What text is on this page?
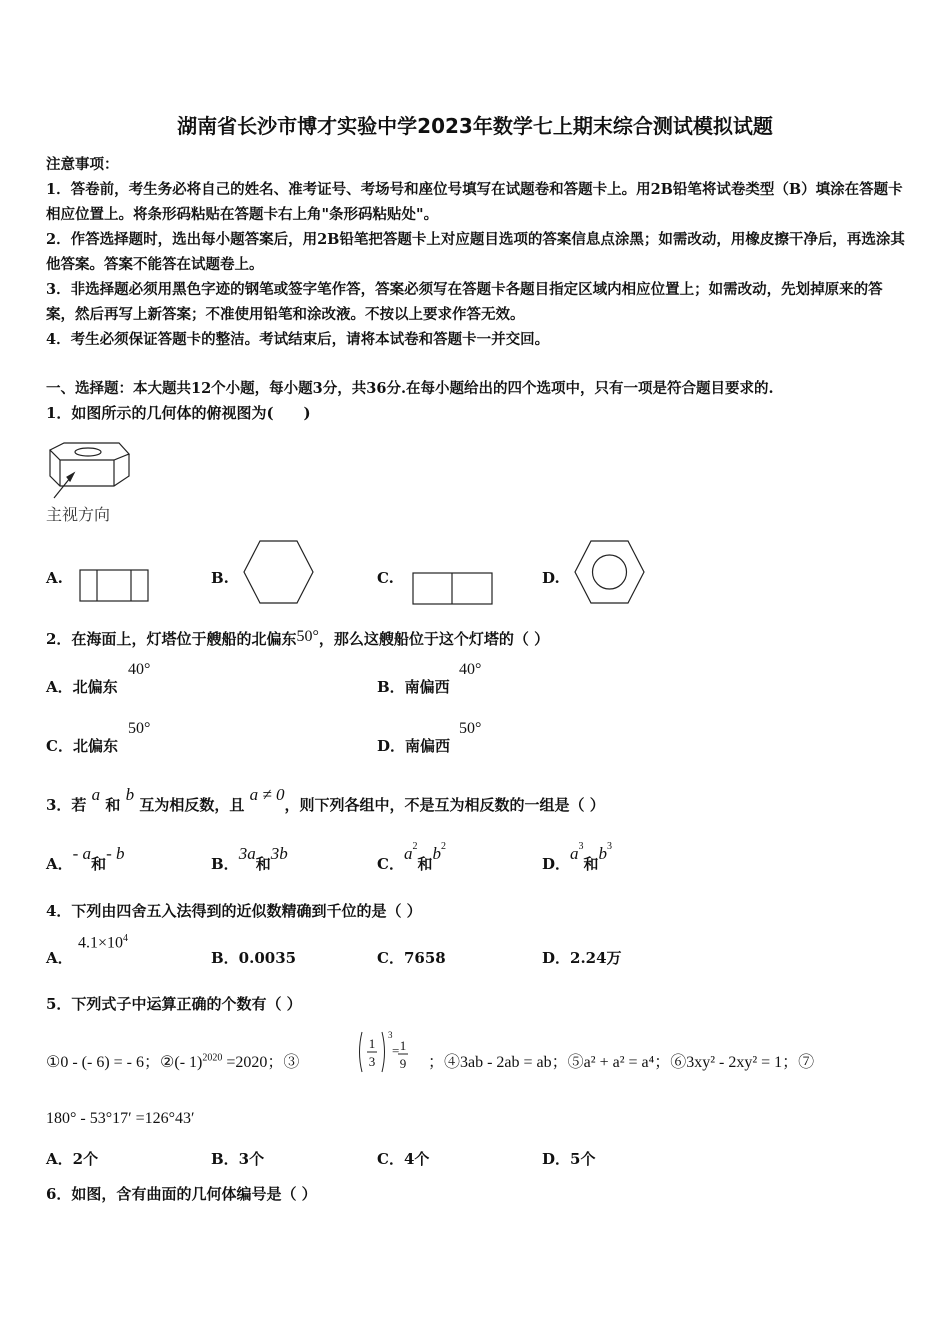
湖南省长沙市博才实验中学2023年数学七上期末综合测试模拟试题
注意事项：
1．答卷前，考生务必将自己的姓名、准考证号、考场号和座位号填写在试题卷和答题卡上。用2B铅笔将试卷类型（B）填涂在答题卡相应位置上。将条形码粘贴在答题卡右上角"条形码粘贴处"。
2．作答选择题时，选出每小题答案后，用2B铅笔把答题卡上对应题目选项的答案信息点涂黑；如需改动，用橡皮擦干净后，再选涂其他答案。答案不能答在试题卷上。
3．非选择题必须用黑色字迹的钢笔或签字笔作答，答案必须写在答题卡各题目指定区域内相应位置上；如需改动，先划掉原来的答案，然后再写上新答案；不准使用铅笔和涂改液。不按以上要求作答无效。
4．考生必须保证答题卡的整洁。考试结束后，请将本试卷和答题卡一并交回。
一、选择题：本大题共12个小题，每小题3分，共36分.在每小题给出的四个选项中，只有一项是符合题目要求的.
1．如图所示的几何体的俯视图为(　　)
主视方向
A.	B.	C.	D.
2．在海面上，灯塔位于艘船的北偏东50°，那么这艘船位于这个灯塔的（ ）
A．北偏东
40°
B．南偏西
40°
C．北偏东
50°
D．南偏西
50°
3．若 a 和 b 互为相反数，且 a ≠ 0，则下列各组中，不是互为相反数的一组是（ ）
A．- a和- b
B．3a和3b
C．$a^2$和$b^2$
D．$a^3$和$b^3$
4．下列由四舍五入法得到的近似数精确到千位的是（ ）
A．
$4.1\times 10^4$
B．0.0035	C．7658	D．2.24万
5．下列式子中运算正确的个数有（ ）
①0 - (- 6) = - 6；②(- 1)$^{2020}$ =2020；③
1
3
3
= 1
9 ；④3ab - 2ab = ab；⑤a² + a² = a⁴；⑥3xy² - 2xy² = 1；⑦
180° - 53°17′ =126°43′
A．2个	B．3个	C．4个	D．5个
6．如图，含有曲面的几何体编号是（ ）
